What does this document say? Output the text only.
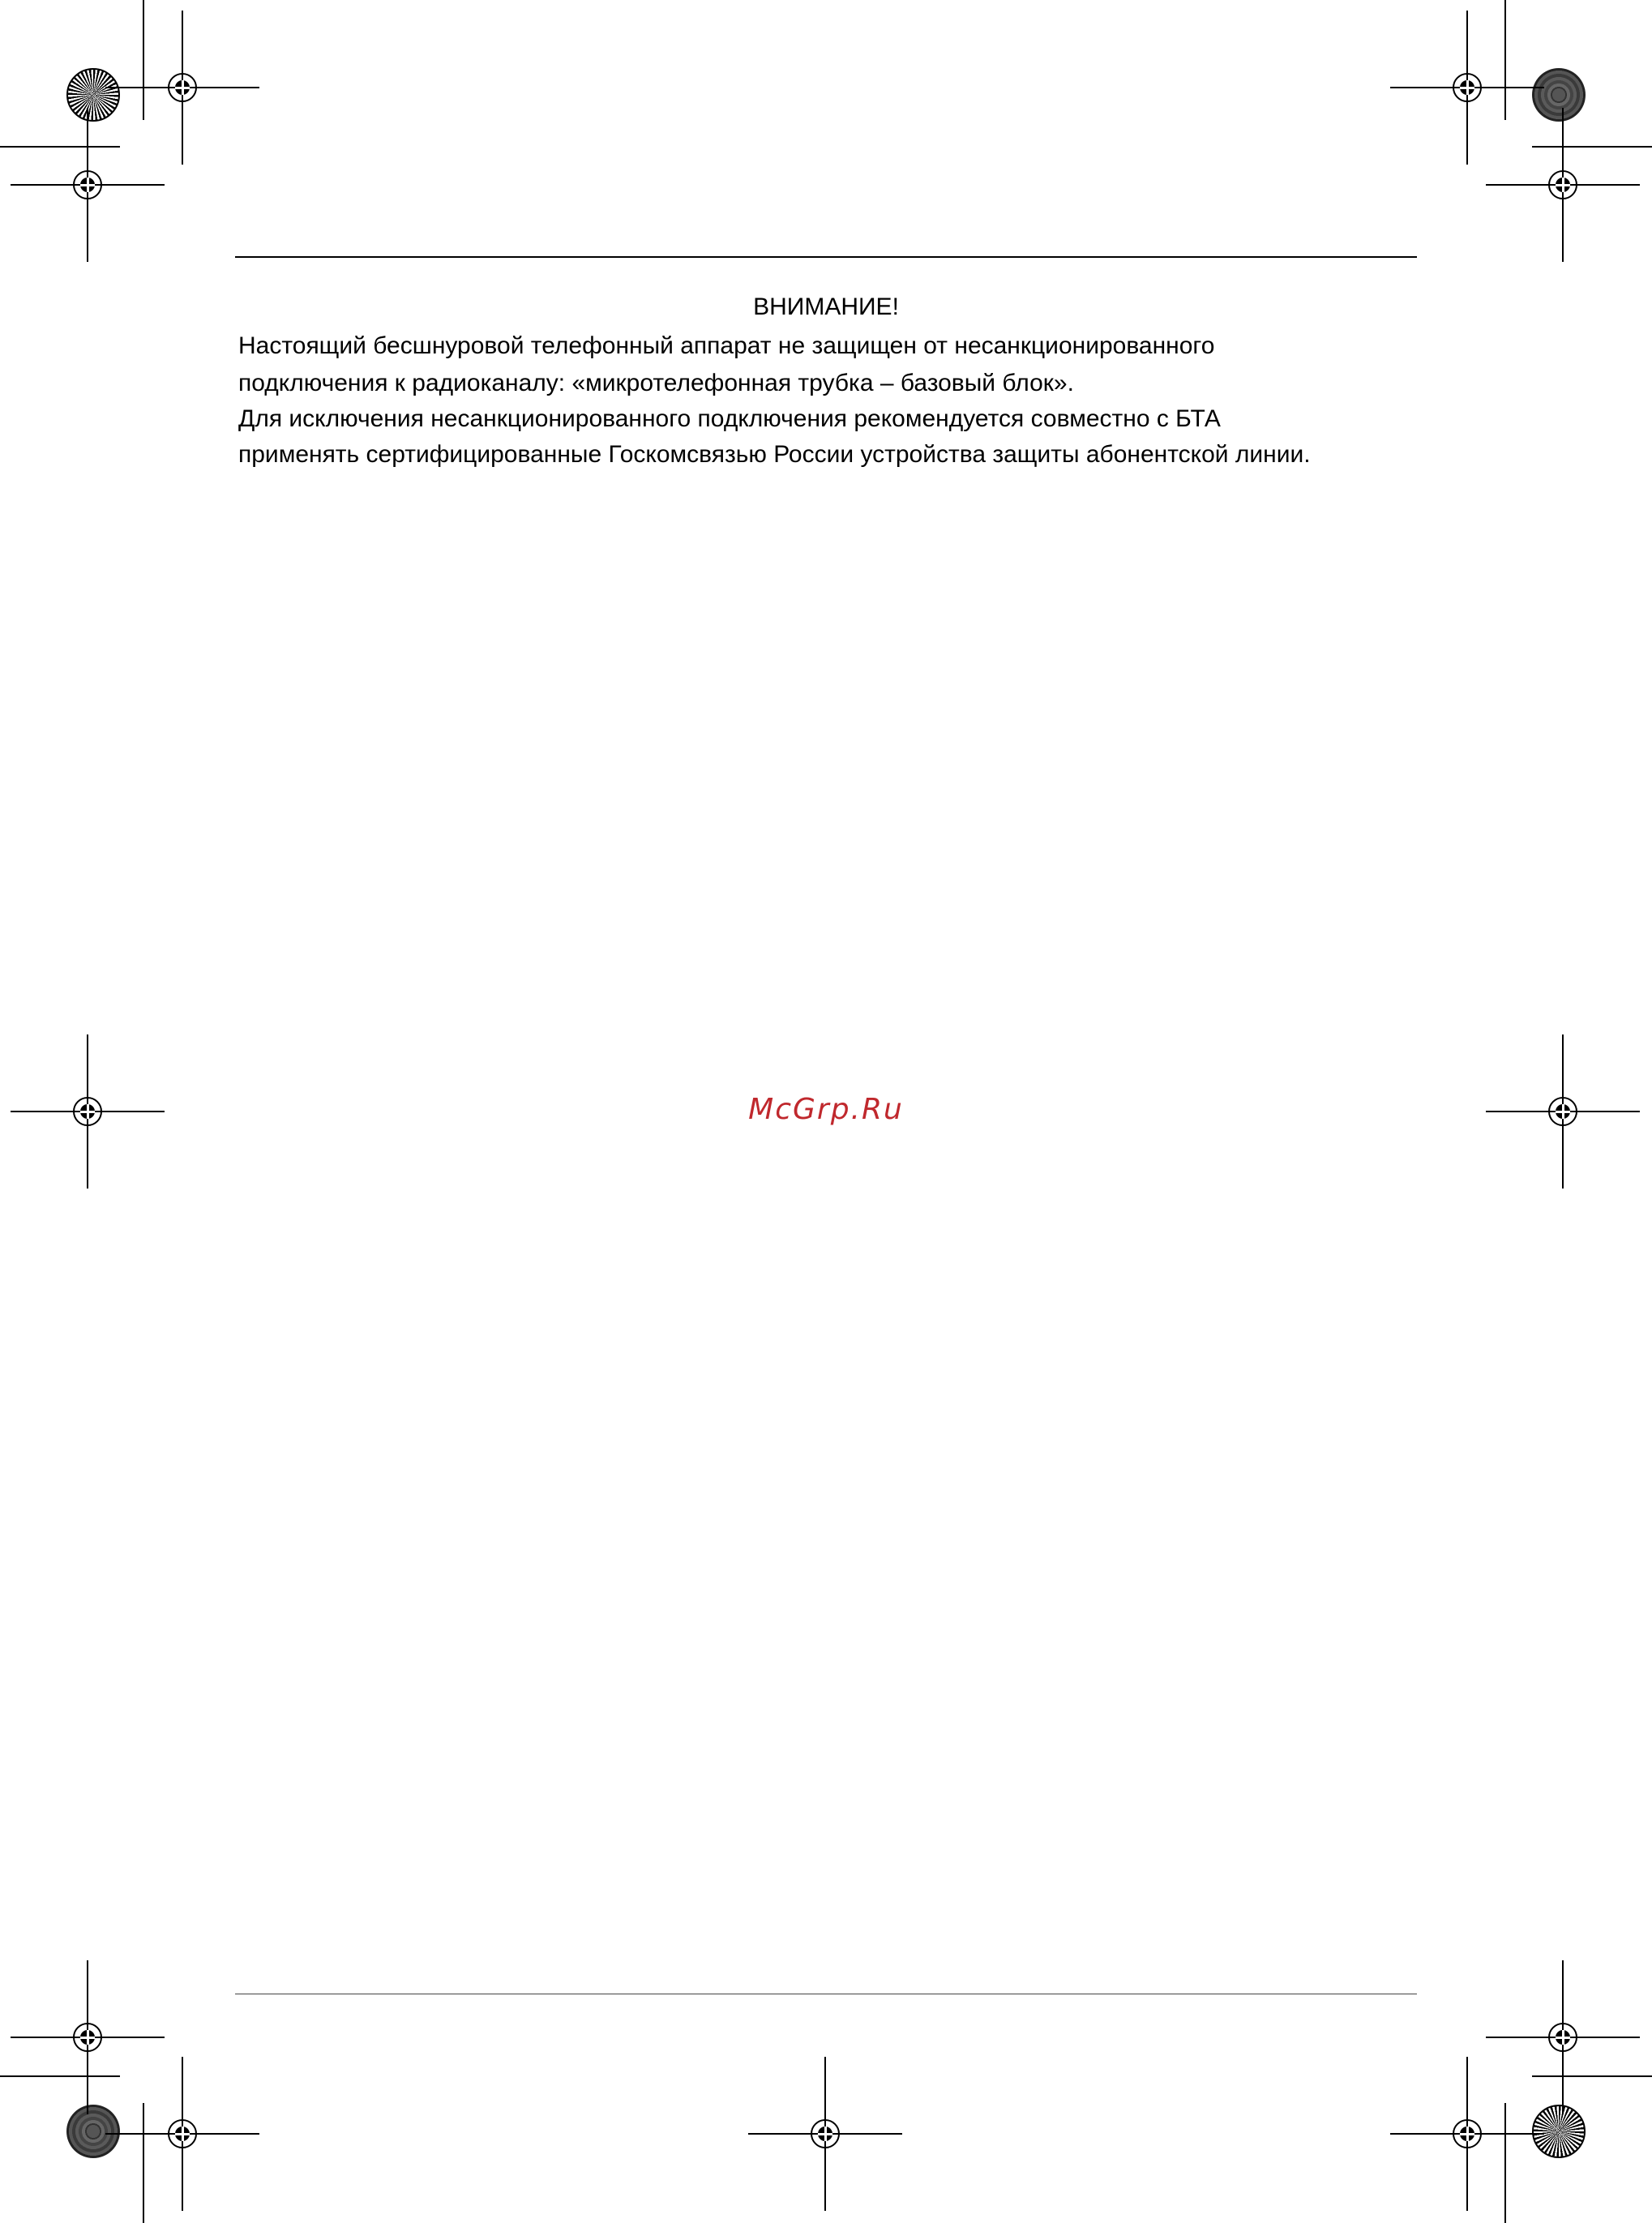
ВНИМАНИЕ!

Настоящий бесшнуровой телефонный аппарат не защищен от несанкционированного

подключения к радиоканалу: «микротелефонная трубка – базовый блок».

Для исключения несанкционированного подключения рекомендуется совместно с БТА

применять сертифицированные Госкомсвязью России устройства защиты абонентской линии.

McGrp.Ru
